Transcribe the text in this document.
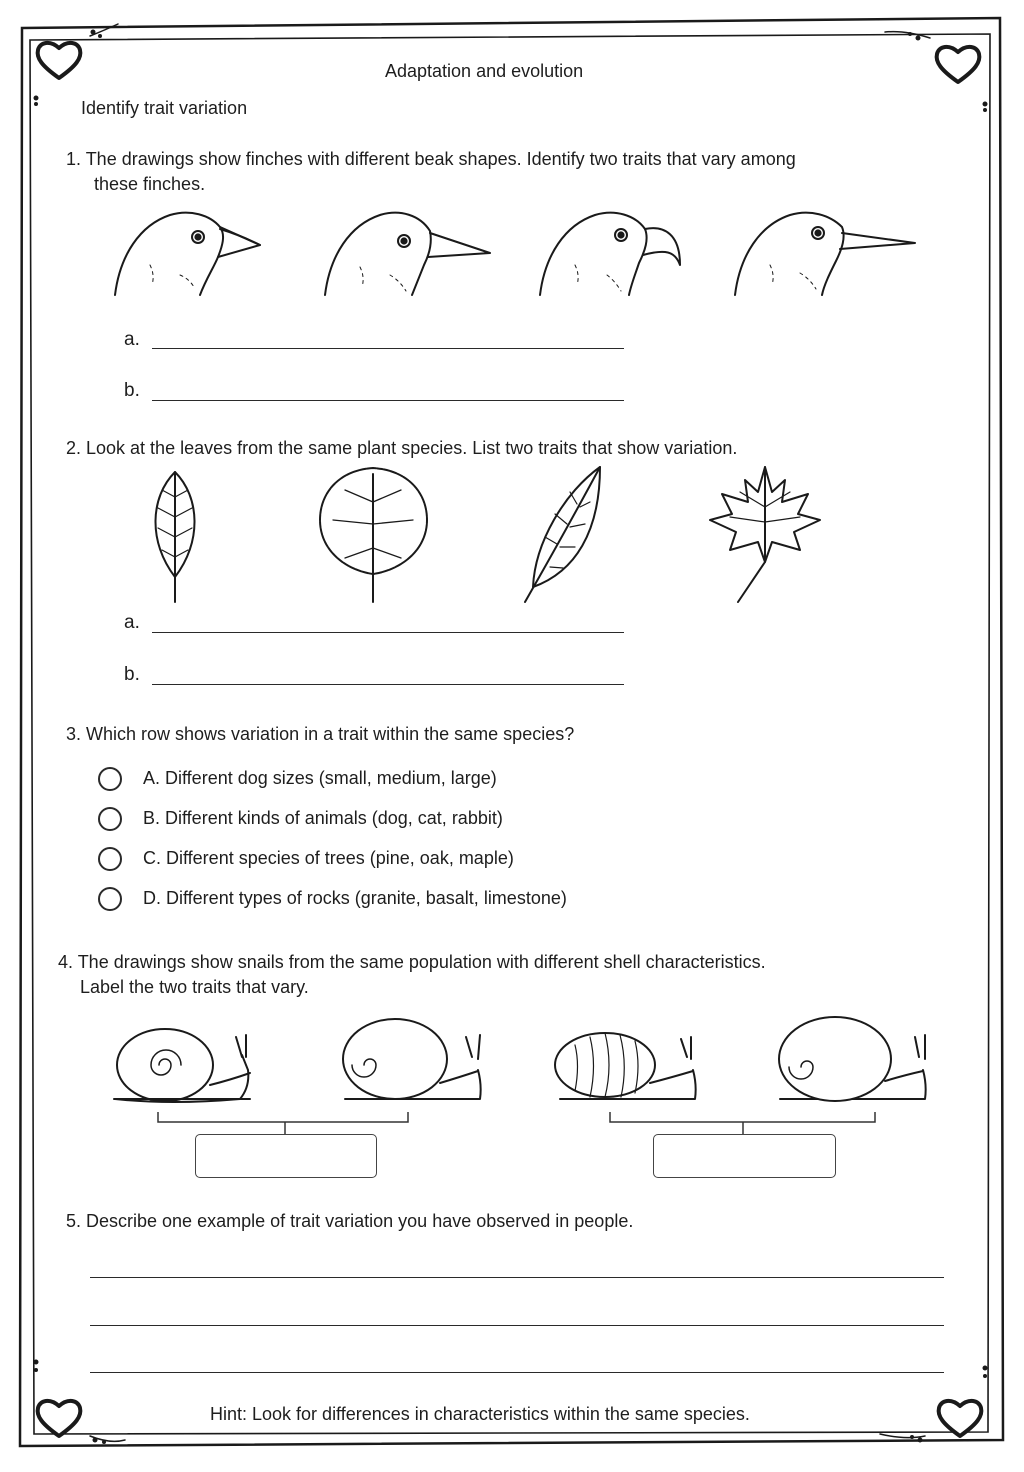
Adaptation and evolution

Identify trait variation

1. The drawings show finches with different beak shapes. Identify two traits that vary among

these finches.

a.

b.

2. Look at the leaves from the same plant species. List two traits that show variation.

a.

b.

3. Which row shows variation in a trait within the same species?

A. Different dog sizes (small, medium, large)

B. Different kinds of animals (dog, cat, rabbit)

C. Different species of trees (pine, oak, maple)

D. Different types of rocks (granite, basalt, limestone)

4. The drawings show snails from the same population with different shell characteristics.

Label the two traits that vary.

5. Describe one example of trait variation you have observed in people.

Hint: Look for differences in characteristics within the same species.
